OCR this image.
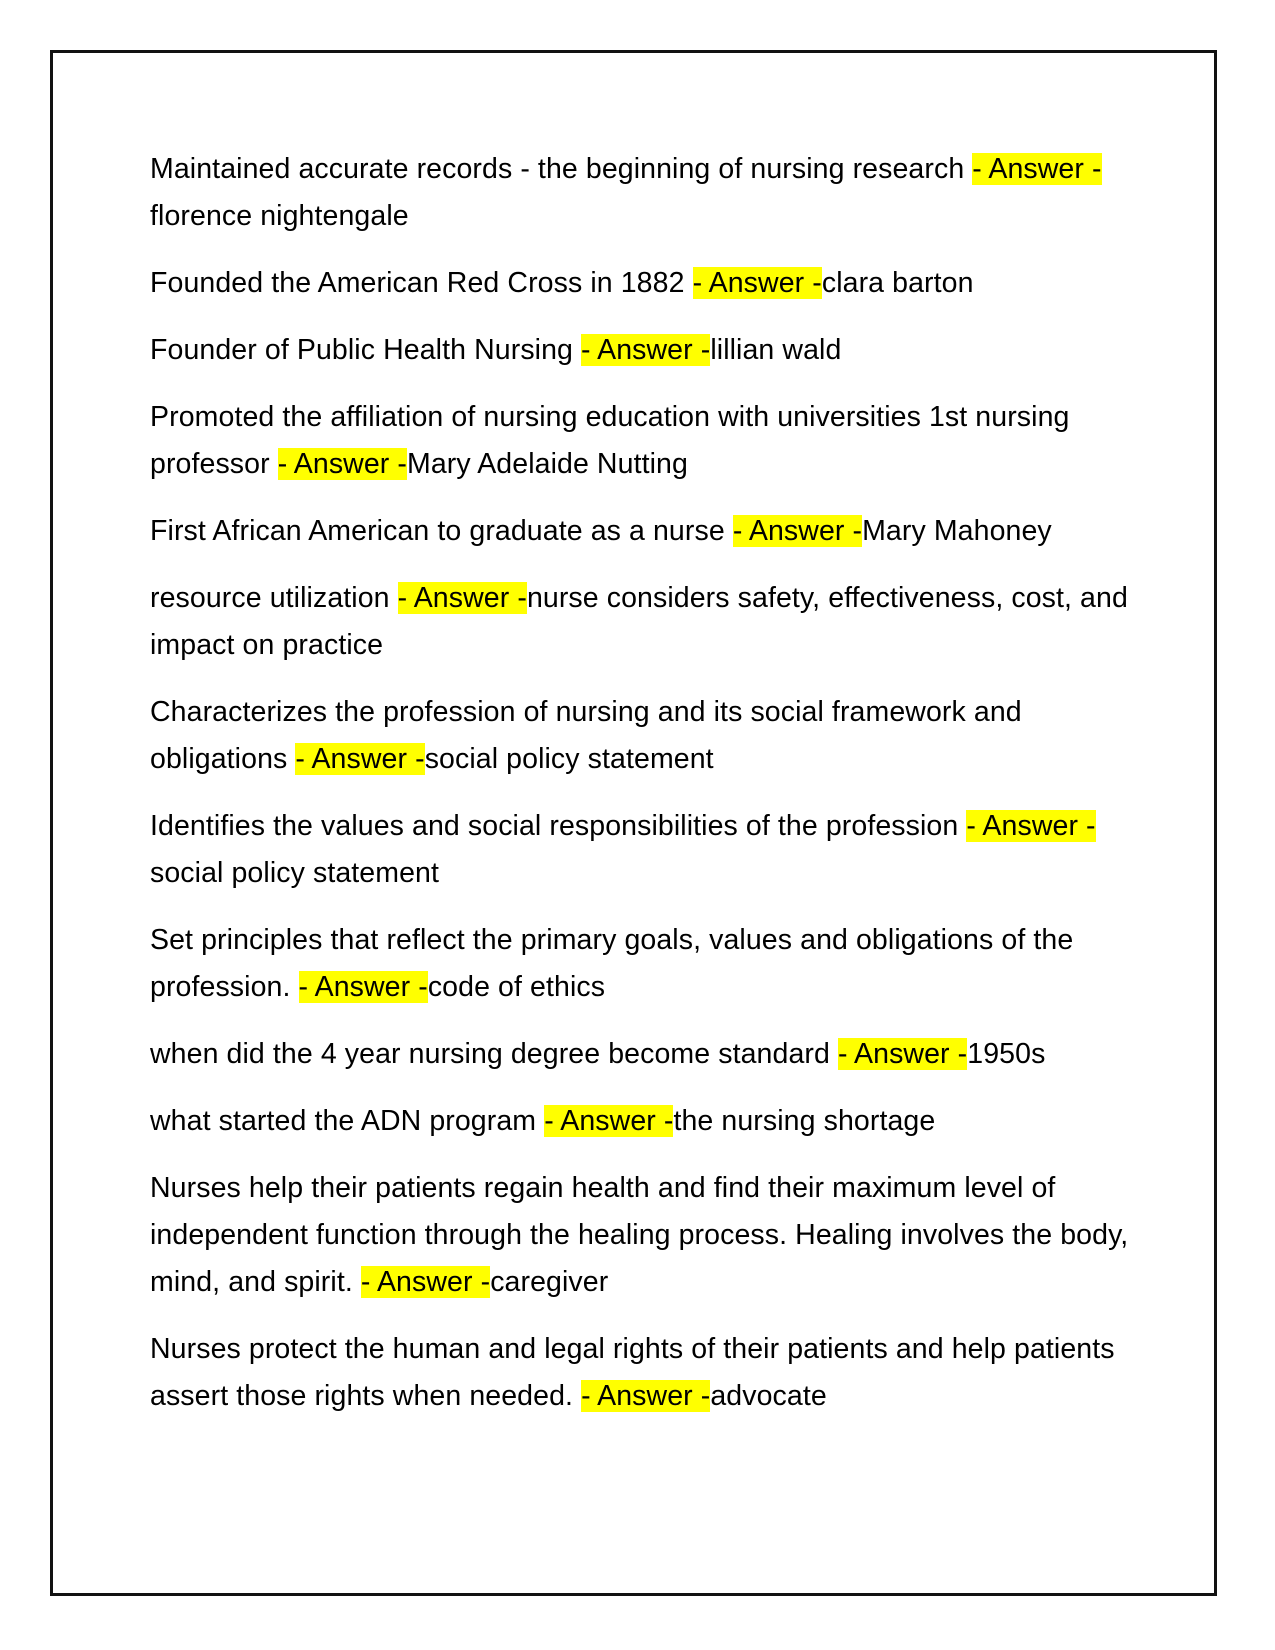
Maintained accurate records - the beginning of nursing research - Answer -florence nightengale
Founded the American Red Cross in 1882 - Answer -clara barton
Founder of Public Health Nursing - Answer -lillian wald
Promoted the affiliation of nursing education with universities 1st nursing professor - Answer -Mary Adelaide Nutting
First African American to graduate as a nurse - Answer -Mary Mahoney
resource utilization - Answer -nurse considers safety, effectiveness, cost, and impact on practice
Characterizes the profession of nursing and its social framework and obligations - Answer -social policy statement
Identifies the values and social responsibilities of the profession - Answer -social policy statement
Set principles that reflect the primary goals, values and obligations of the profession. - Answer -code of ethics
when did the 4 year nursing degree become standard - Answer -1950s
what started the ADN program - Answer -the nursing shortage
Nurses help their patients regain health and find their maximum level of independent function through the healing process. Healing involves the body, mind, and spirit. - Answer -caregiver
Nurses protect the human and legal rights of their patients and help patients assert those rights when needed. - Answer -advocate
